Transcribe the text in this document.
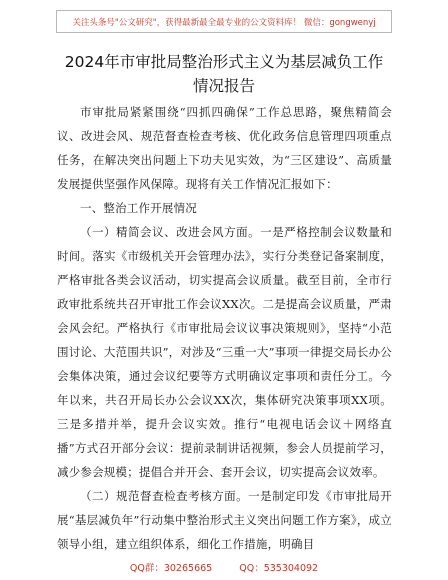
关注头条号"公文研究"，获得最新最全最专业的公文资料库！ 微信：gongwenyj
2024年市审批局整治形式主义为基层减负工作
情况报告

市审批局紧紧围绕“四抓四确保”工作总思路，聚焦精简会议、改进会风、规范督查检查考核、优化政务信息管理四项重点任务，在解决突出问题上下功夫见实效，为“三区建设”、高质量发展提供坚强作风保障。现将有关工作情况汇报如下：

一、整治工作开展情况

（一）精简会议、改进会风方面。一是严格控制会议数量和时间。落实《市级机关开会管理办法》，实行分类登记备案制度，严格审批各类会议活动，切实提高会议质量。截至目前，全市行政审批系统共召开审批工作会议XX次。二是提高会议质量，严肃会风会纪。严格执行《市审批局会议议事决策规则》，坚持“小范围讨论、大范围共识”，对涉及“三重一大”事项一律提交局长办公会集体决策，通过会议纪要等方式明确议定事项和责任分工。今年以来，共召开局长办公会议XX次，集体研究决策事项XX项。三是多措并举，提升会议实效。推行“电视电话会议＋网络直播”方式召开部分会议：提前录制讲话视频，参会人员提前学习，减少参会规模；提倡合并开会、套开会议，切实提高会议效率。

（二）规范督查检查考核方面。一是制定印发《市审批局开展“基层减负年”行动集中整治形式主义突出问题工作方案》，成立领导小组，建立组织体系，细化工作措施，明确目

QQ群：30265665	QQ：535304092
